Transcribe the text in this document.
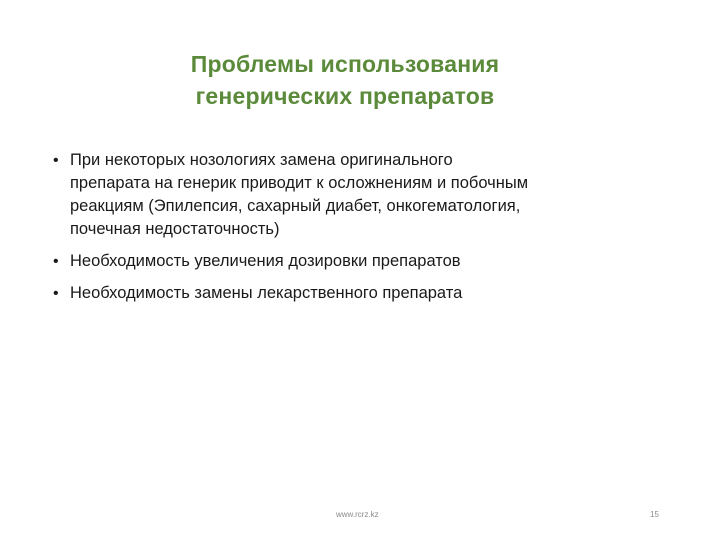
Проблемы использования
генерических препаратов
• При некоторых нозологиях замена оригинального
препарата на генерик приводит к осложнениям и побочным
реакциям (Эпилепсия, сахарный диабет, онкогематология,
почечная недостаточность)
• Необходимость увеличения дозировки препаратов
• Необходимость замены лекарственного препарата
www.rcrz.kz	15
